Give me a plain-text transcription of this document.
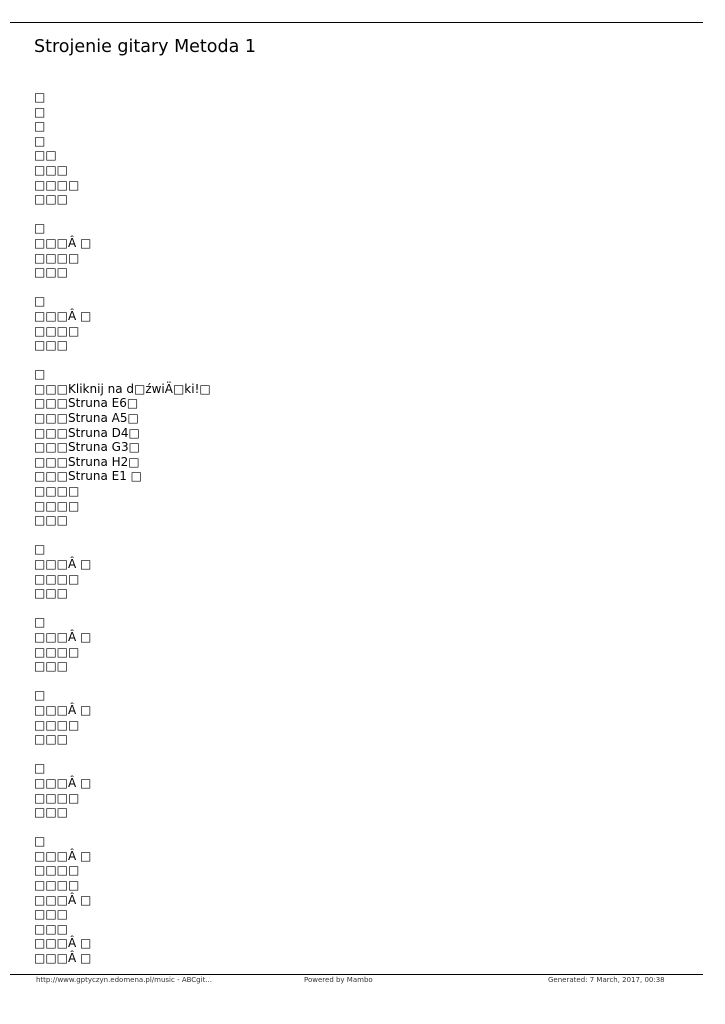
Strojenie gitary Metoda 1
□
□
□
□
□□
□□□
□□□□
□□□
□
□□□Â □
□□□□
□□□
□
□□□Â □
□□□□
□□□
□
□□□Kliknij na d□źwiÄ□ki!□
□□□Struna E6□
□□□Struna A5□
□□□Struna D4□
□□□Struna G3□
□□□Struna H2□
□□□Struna E1 □
□□□□
□□□□
□□□
□
□□□Â □
□□□□
□□□
□
□□□Â □
□□□□
□□□
□
□□□Â □
□□□□
□□□
□
□□□Â □
□□□□
□□□
□
□□□Â □
□□□□
□□□□
□□□Â □
□□□
□□□
□□□Â □
□□□Â □
http://www.gptyczyn.edomena.pl/music - ABCgit...	Powered by Mambo	Generated: 7 March, 2017, 00:38
